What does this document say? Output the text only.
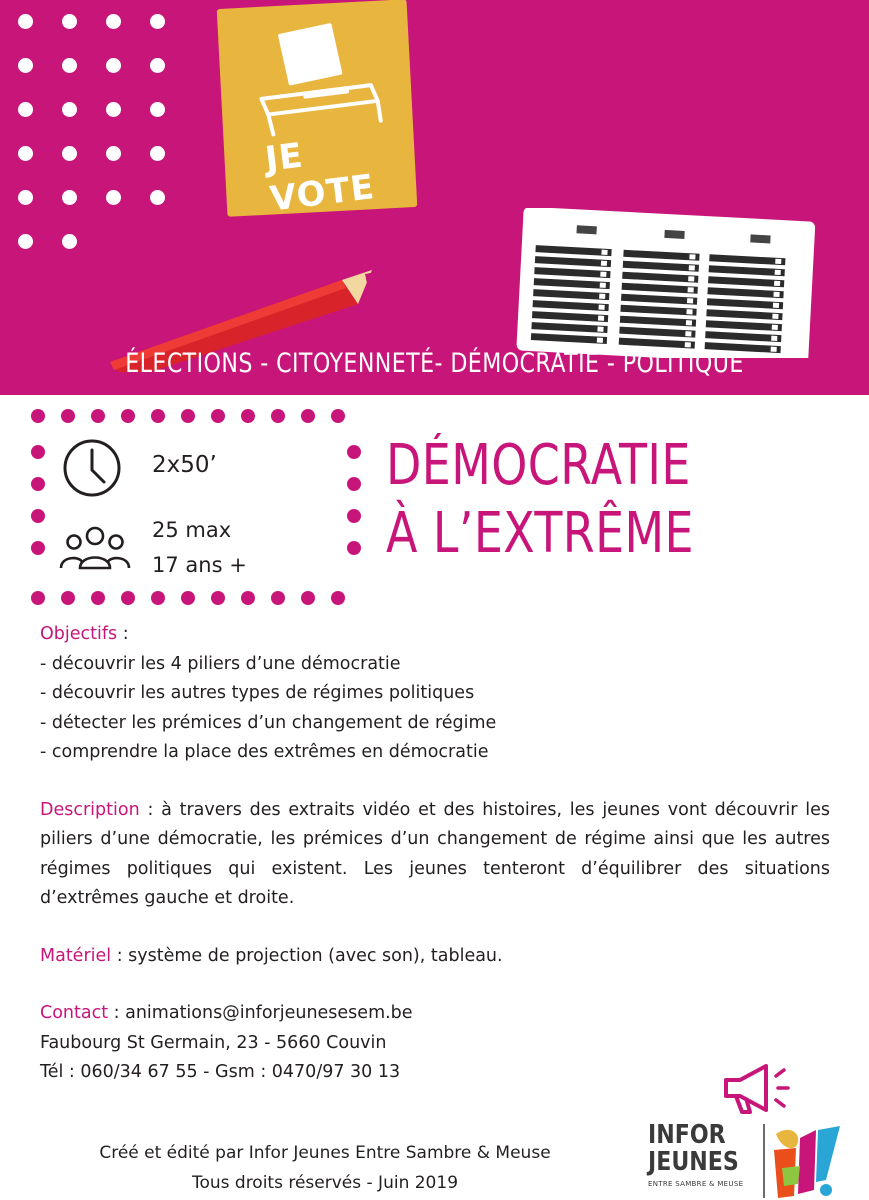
JE VOTE
ÉLECTIONS - CITOYENNETÉ- DÉMOCRATIE - POLITIQUE
2x50’
25 max
17 ans +
DÉMOCRATIE
À L’EXTRÊME

Objectifs :

- découvrir les 4 piliers d’une démocratie

- découvrir les autres types de régimes politiques

- détecter les prémices d’un changement de régime

- comprendre la place des extrêmes en démocratie

Description : à travers des extraits vidéo et des histoires, les jeunes vont découvrir les piliers d’une démocratie, les prémices d’un changement de régime ainsi que les autres régimes politiques qui existent. Les jeunes tenteront d’équilibrer des situations d’extrêmes gauche et droite.

Matériel : système de projection (avec son), tableau.

Contact : animations@inforjeunesesem.be

Faubourg St Germain, 23 - 5660 Couvin

Tél : 060/34 67 55 - Gsm : 0470/97 30 13

Créé et édité par Infor Jeunes Entre Sambre & Meuse
Tous droits réservés - Juin 2019
INFOR
JEUNES
ENTRE SAMBRE & MEUSE
